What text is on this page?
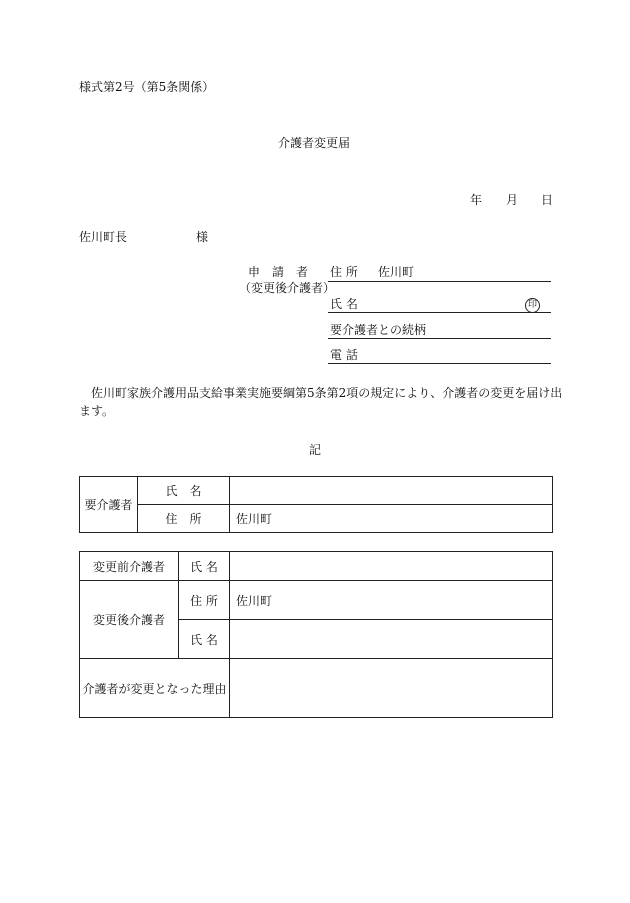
様式第2号（第5条関係）
介護者変更届
年 月 日
佐川町長	様
申　請　者
（変更後介護者）
住 所 佐川町
氏 名	印
要介護者との続柄
電 話
佐川町家族介護用品支給事業実施要綱第5条第2項の規定により、介護者の変更を届け出
ます。
記
要介護者	氏　名	
	住　所	佐川町
変更前介護者	氏 名	
変更後介護者	住 所	佐川町
	氏 名	
介護者が変更となった理由		
